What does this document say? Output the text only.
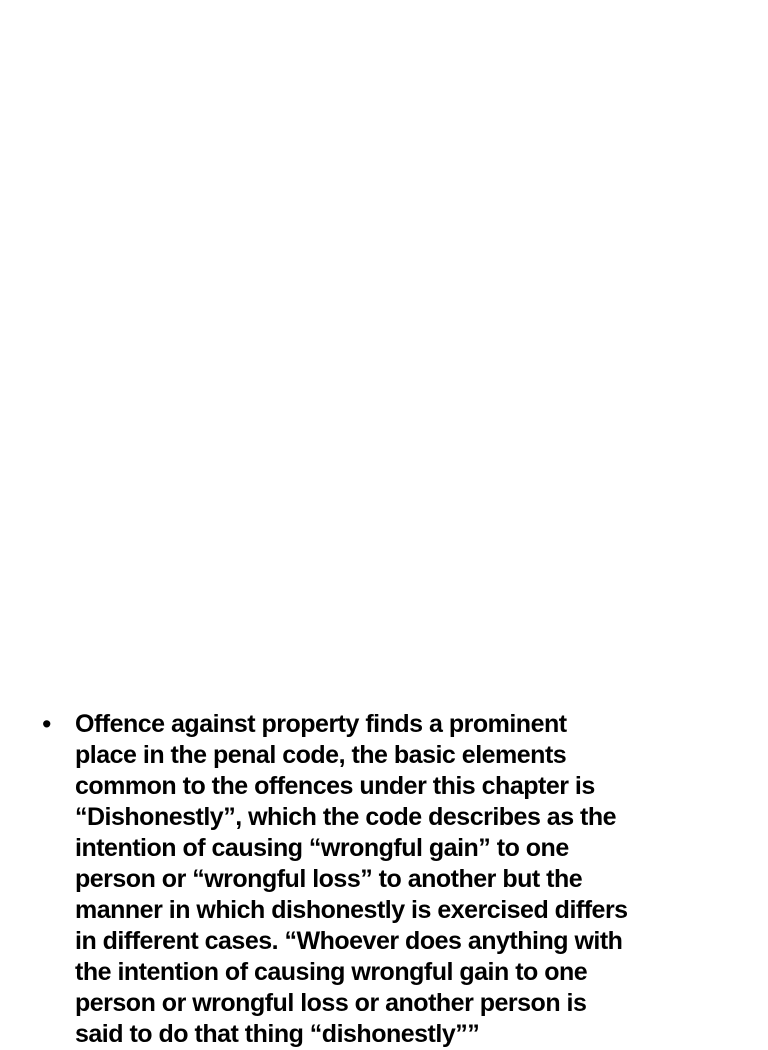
• Offence against property finds a prominent
place in the penal code, the basic elements
common to the offences under this chapter is
“Dishonestly”, which the code describes as the
intention of causing “wrongful gain” to one
person or “wrongful loss” to another but the
manner in which dishonestly is exercised differs
in different cases. “Whoever does anything with
the intention of causing wrongful gain to one
person or wrongful loss or another person is
said to do that thing “dishonestly””
